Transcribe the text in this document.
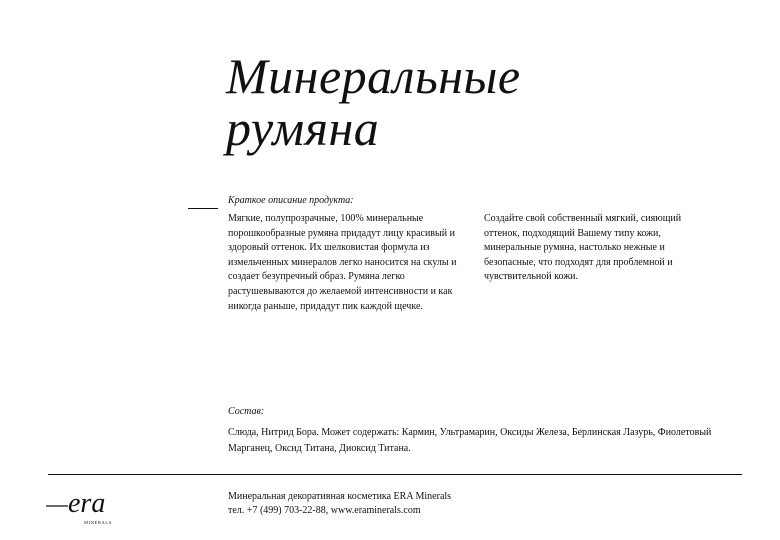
Минеральные
румяна
Краткое описание продукта:
Мягкие, полупрозрачные, 100% минеральные порошкообразные румяна придадут лицу красивый и здоровый оттенок. Их шелковистая формула из измельченных минералов легко наносится на скулы и создает безупречный образ. Румяна легко растушевываются до желаемой интенсивности и как никогда раньше, придадут пик каждой щечке.
Создайте свой собственный мягкий, сияющий оттенок, подходящий Вашему типу кожи, минеральные румяна, настолько нежные и безопасные, что подходят для проблемной и чувствительной кожи.
Состав:
Слюда, Нитрид Бора. Может содержать: Кармин, Ультрамарин, Оксиды Железа, Берлинская Лазурь, Фиолетовый Марганец, Оксид Титана, Диоксид Титана.
era
MINERALS
Минеральная декоративная косметика ERA Minerals
тел. +7 (499) 703-22-88, www.eraminerals.com
